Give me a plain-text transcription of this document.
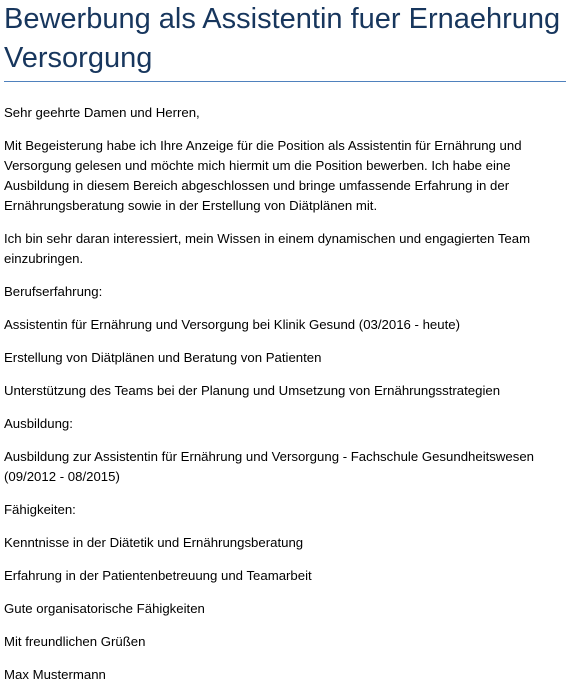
Bewerbung als Assistentin fuer Ernaehrung Versorgung

Sehr geehrte Damen und Herren,

Mit Begeisterung habe ich Ihre Anzeige für die Position als Assistentin für Ernährung und Versorgung gelesen und möchte mich hiermit um die Position bewerben. Ich habe eine Ausbildung in diesem Bereich abgeschlossen und bringe umfassende Erfahrung in der Ernährungsberatung sowie in der Erstellung von Diätplänen mit.

Ich bin sehr daran interessiert, mein Wissen in einem dynamischen und engagierten Team einzubringen.

Berufserfahrung:

Assistentin für Ernährung und Versorgung bei Klinik Gesund (03/2016 - heute)

Erstellung von Diätplänen und Beratung von Patienten

Unterstützung des Teams bei der Planung und Umsetzung von Ernährungsstrategien

Ausbildung:

Ausbildung zur Assistentin für Ernährung und Versorgung - Fachschule Gesundheitswesen (09/2012 - 08/2015)

Fähigkeiten:

Kenntnisse in der Diätetik und Ernährungsberatung

Erfahrung in der Patientenbetreuung und Teamarbeit

Gute organisatorische Fähigkeiten

Mit freundlichen Grüßen

Max Mustermann
